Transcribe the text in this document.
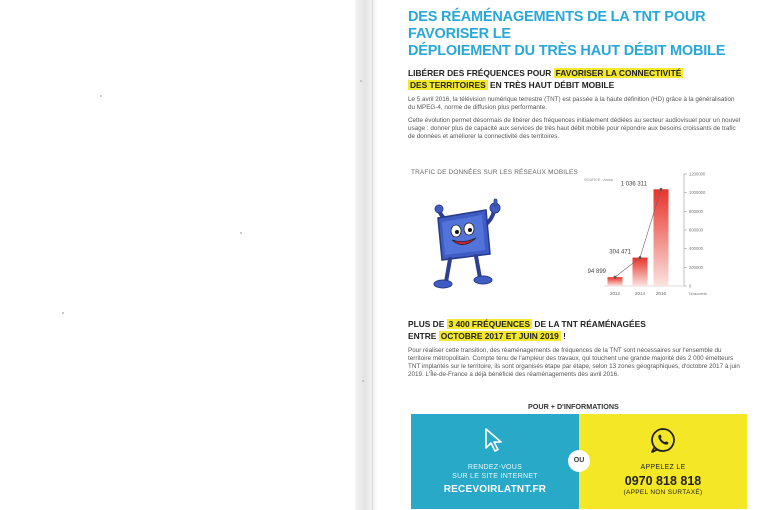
DES RÉAMÉNAGEMENTS DE LA TNT POUR FAVORISER LE
DÉPLOIEMENT DU TRÈS HAUT DÉBIT MOBILE
LIBÉRER DES FRÉQUENCES POUR FAVORISER LA CONNECTIVITÉ
DES TERRITOIRES EN TRÈS HAUT DÉBIT MOBILE

Le 5 avril 2016, la télévision numérique terrestre (TNT) est passée à la haute définition (HD) grâce à la généralisation du MPEG-4, norme de diffusion plus performante.

Cette évolution permet désormais de libérer des fréquences initialement dédiées au secteur audiovisuel pour un nouvel usage : donner plus de capacité aux services de très haut débit mobile pour répondre aux besoins croissants de trafic de données et améliorer la connectivité des territoires.

TRAFIC DE DONNÉES SUR LES RÉSEAUX MOBILES
SOURCE : Arcep
0
200000
400000
600000
800000
1000000
1200000
Téraoctets
2012
94 899
2014
304 471
2016
1 036 311
PLUS DE 3 400 FRÉQUENCES DE LA TNT RÉAMÉNAGÉES
ENTRE OCTOBRE 2017 ET JUIN 2019 !

Pour réaliser cette transition, des réaménagements de fréquences de la TNT sont nécessaires sur l'ensemble du territoire métropolitain. Compte tenu de l'ampleur des travaux, qui touchent une grande majorité des 2 000 émetteurs TNT implantés sur le territoire, ils sont organisés étape par étape, selon 13 zones géographiques, d'octobre 2017 à juin 2019. L'Île-de-France a déjà bénéficié des réaménagements dès avril 2016.

POUR + D'INFORMATIONS
RENDEZ-VOUS
SUR LE SITE INTERNET
RECEVOIRLATNT.FR
APPELEZ LE
0970 818 818
(APPEL NON SURTAXÉ)
OU
